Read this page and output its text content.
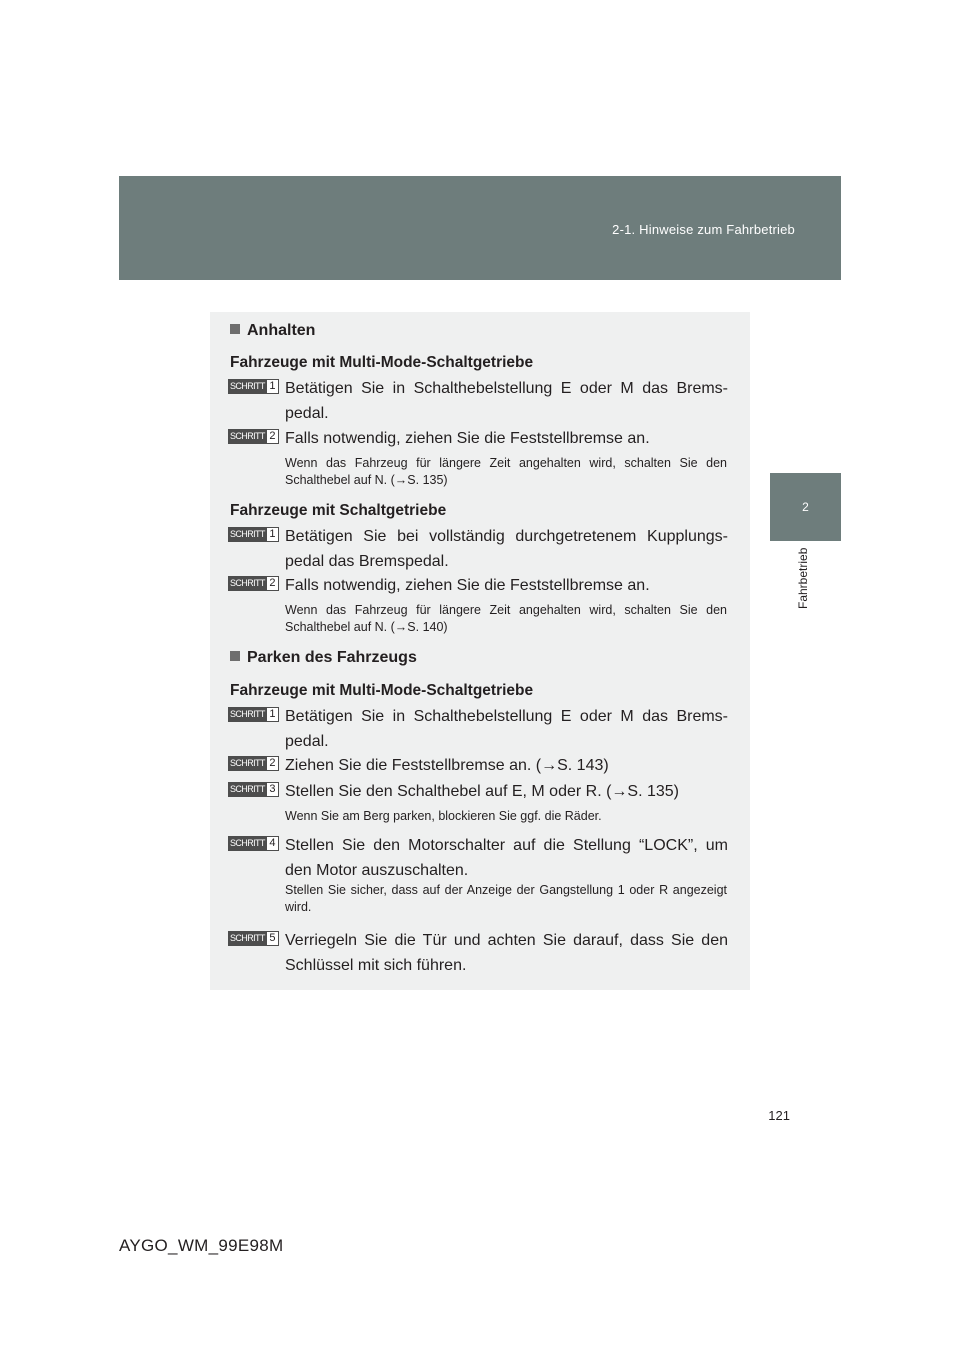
2-1. Hinweise zum Fahrbetrieb
2
Fahrbetrieb
Anhalten
Fahrzeuge mit Multi-Mode-Schaltgetriebe
SCHRITT 1 Betätigen Sie in Schalthebelstellung E oder M das Bremspedal.
SCHRITT 2 Falls notwendig, ziehen Sie die Feststellbremse an.
Wenn das Fahrzeug für längere Zeit angehalten wird, schalten Sie den Schalthebel auf N. (→S. 135)
Fahrzeuge mit Schaltgetriebe
SCHRITT 1 Betätigen Sie bei vollständig durchgetretenem Kupplungspedal das Bremspedal.
SCHRITT 2 Falls notwendig, ziehen Sie die Feststellbremse an.
Wenn das Fahrzeug für längere Zeit angehalten wird, schalten Sie den Schalthebel auf N. (→S. 140)
Parken des Fahrzeugs
Fahrzeuge mit Multi-Mode-Schaltgetriebe
SCHRITT 1 Betätigen Sie in Schalthebelstellung E oder M das Bremspedal.
SCHRITT 2 Ziehen Sie die Feststellbremse an. (→S. 143)
SCHRITT 3 Stellen Sie den Schalthebel auf E, M oder R. (→S. 135)
Wenn Sie am Berg parken, blockieren Sie ggf. die Räder.
SCHRITT 4 Stellen Sie den Motorschalter auf die Stellung “LOCK”, um den Motor auszuschalten.
Stellen Sie sicher, dass auf der Anzeige der Gangstellung 1 oder R angezeigt wird.
SCHRITT 5 Verriegeln Sie die Tür und achten Sie darauf, dass Sie den Schlüssel mit sich führen.
121
AYGO_WM_99E98M
